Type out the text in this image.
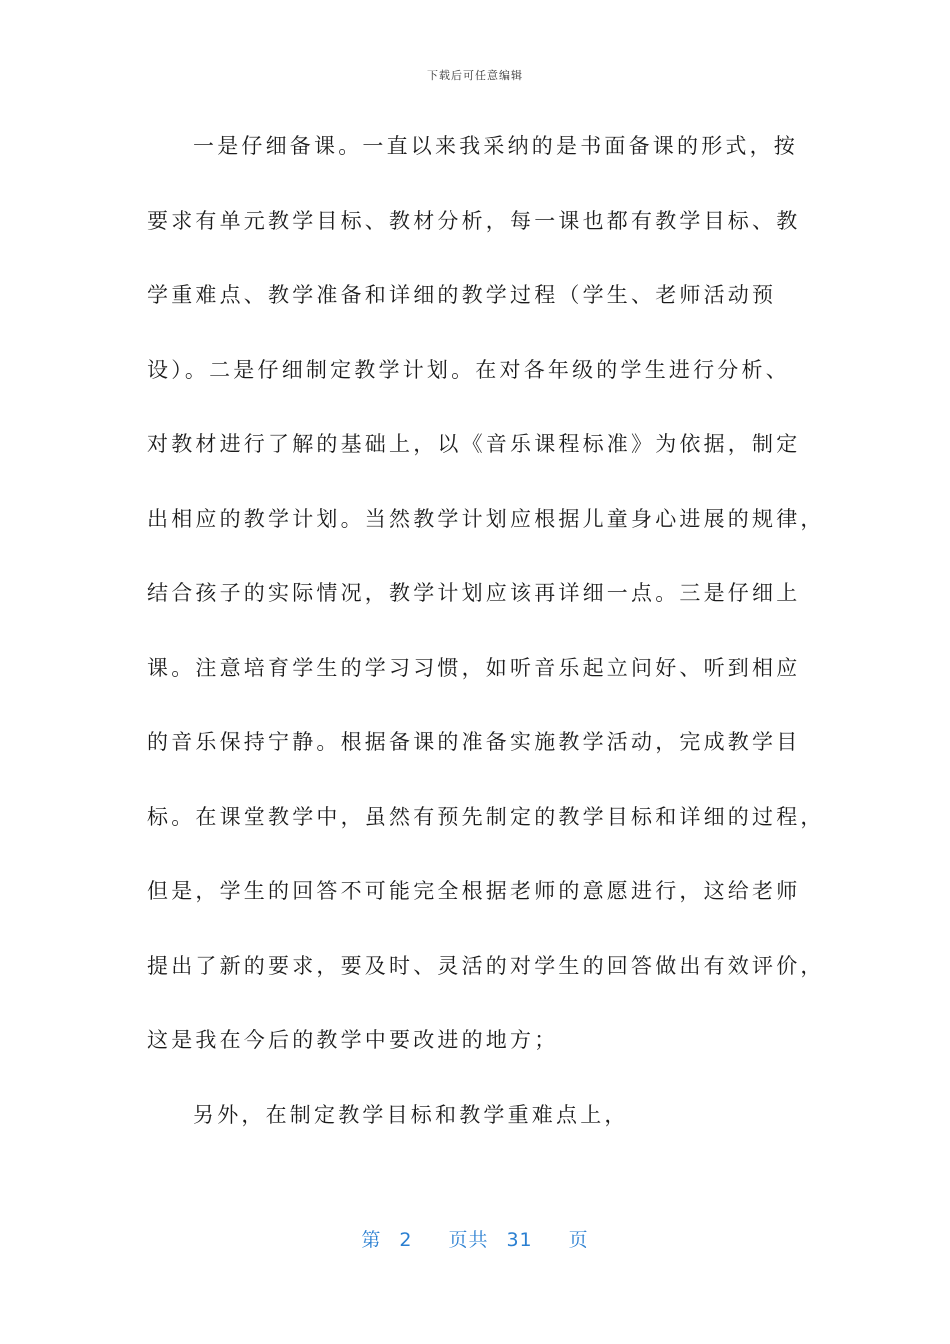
下载后可任意编辑
一是仔细备课。一直以来我采纳的是书面备课的形式，按
要求有单元教学目标、教材分析，每一课也都有教学目标、教
学重难点、教学准备和详细的教学过程（学生、老师活动预
设）。二是仔细制定教学计划。在对各年级的学生进行分析、
对教材进行了解的基础上，以《音乐课程标准》为依据，制定
出相应的教学计划。当然教学计划应根据儿童身心进展的规律，
结合孩子的实际情况，教学计划应该再详细一点。三是仔细上
课。注意培育学生的学习习惯，如听音乐起立问好、听到相应
的音乐保持宁静。根据备课的准备实施教学活动，完成教学目
标。在课堂教学中，虽然有预先制定的教学目标和详细的过程，
但是，学生的回答不可能完全根据老师的意愿进行，这给老师
提出了新的要求，要及时、灵活的对学生的回答做出有效评价，
这是我在今后的教学中要改进的地方；
另外，在制定教学目标和教学重难点上，
第 2 页共 31 页
